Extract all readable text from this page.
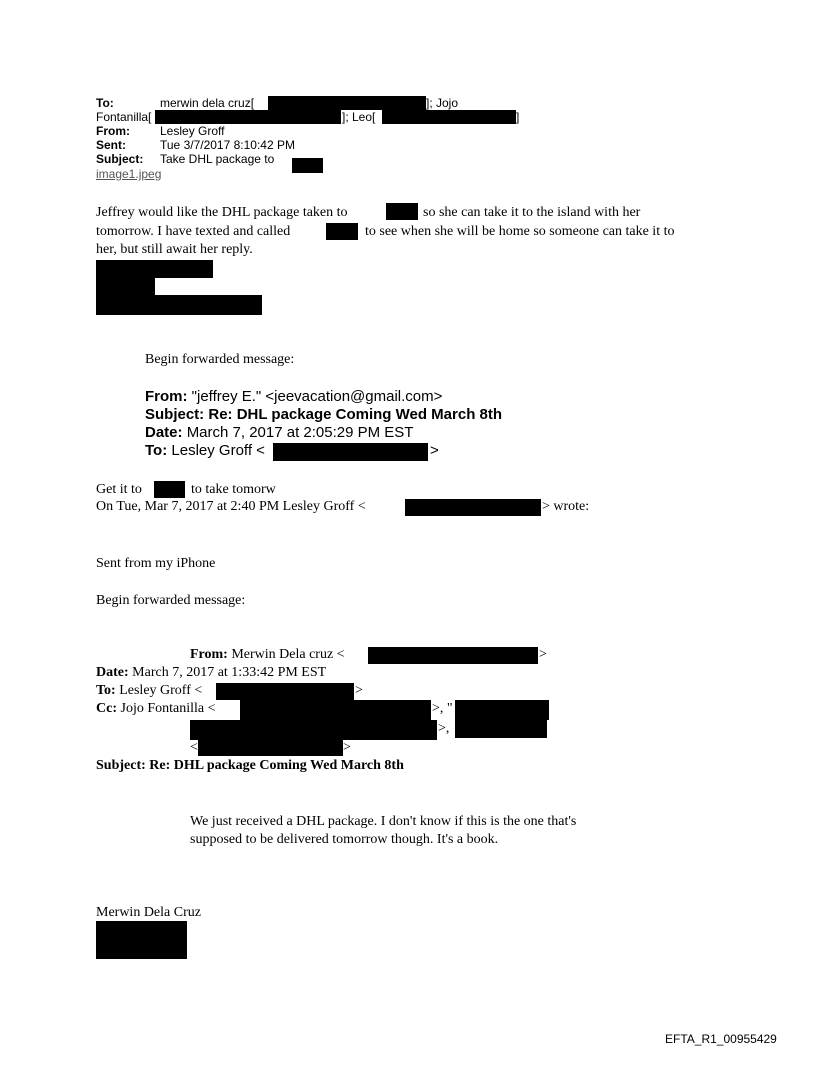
To:	merwin dela cruz[	]; Jojo
Fontanilla[	]; Leo[	]
From:	Lesley Groff
Sent:	Tue 3/7/2017 8:10:42 PM
Subject: Take DHL package to
image1.jpeg
Jeffrey would like the DHL package taken to	so she can take it to the island with her
tomorrow. I have texted and called	to see when she will be home so someone can take it to
her, but still await her reply.
Begin forwarded message:
From: "jeffrey E." <jeevacation@gmail.com>
Subject: Re: DHL package Coming Wed March 8th
Date: March 7, 2017 at 2:05:29 PM EST
To: Lesley Groff <	>
Get it to	to take tomorw
On Tue, Mar 7, 2017 at 2:40 PM Lesley Groff <	> wrote:
Sent from my iPhone
Begin forwarded message:
From: Merwin Dela cruz <	>
Date: March 7, 2017 at 1:33:42 PM EST
To: Lesley Groff <	>
Cc: Jojo Fontanilla <	>, "
>,
<	>
Subject: Re: DHL package Coming Wed March 8th
We just received a DHL package. I don't know if this is the one that's
supposed to be delivered tomorrow though. It's a book.
Merwin Dela Cruz
EFTA_R1_00955429
